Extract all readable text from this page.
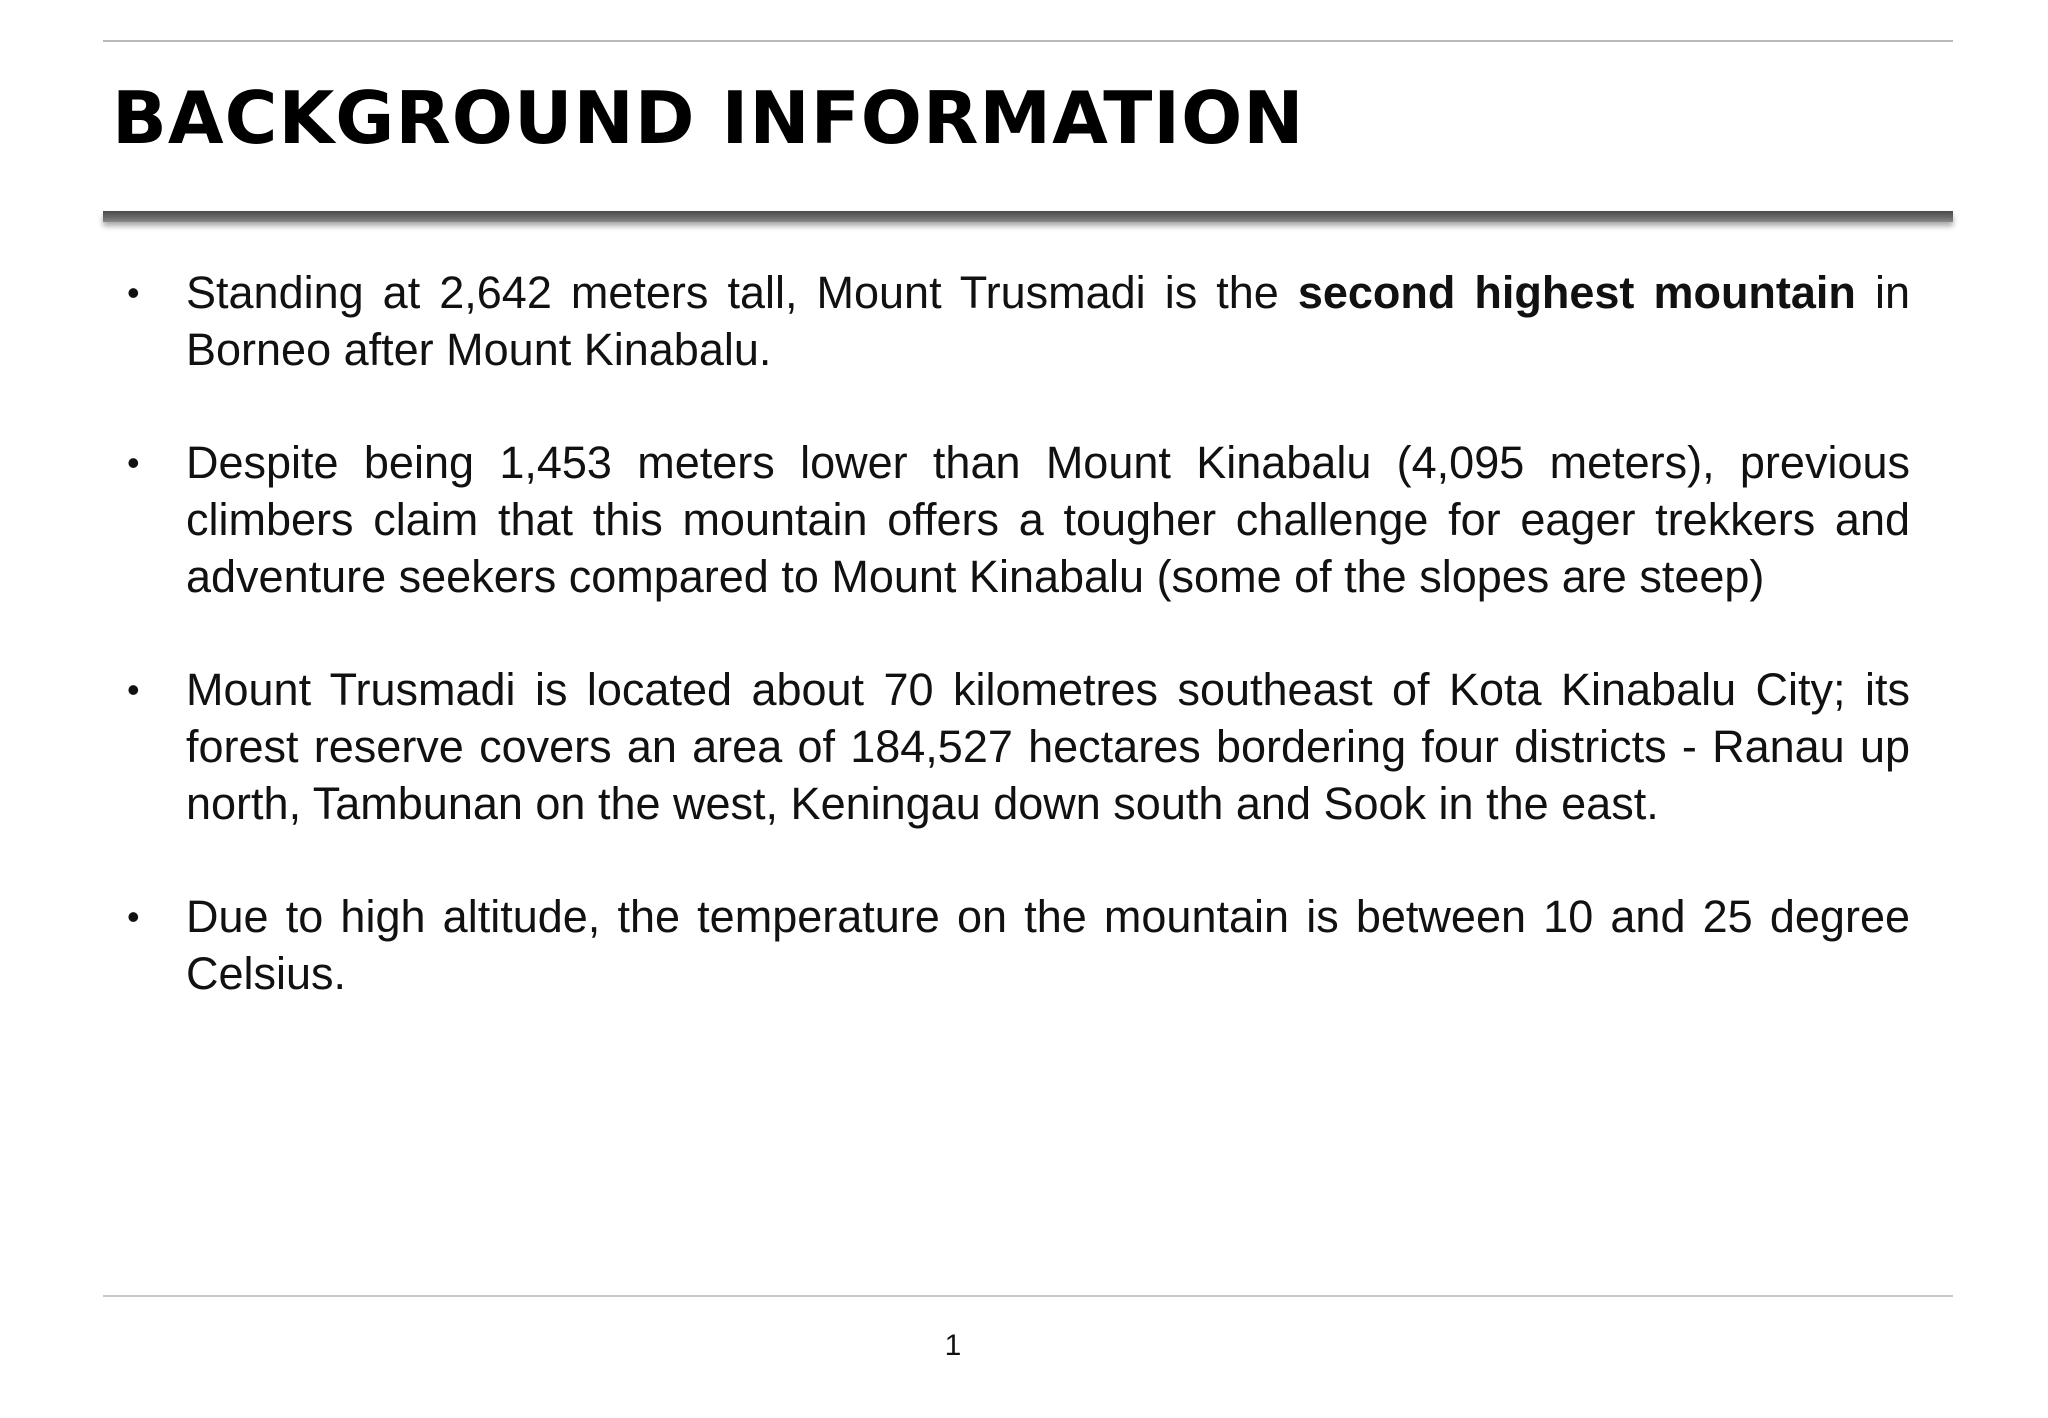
BACKGROUND INFORMATION
• Standing at 2,642 meters tall, Mount Trusmadi is the second highest mountain in Borneo after Mount Kinabalu.
• Despite being 1,453 meters lower than Mount Kinabalu (4,095 meters), previous climbers claim that this mountain offers a tougher challenge for eager trekkers and adventure seekers compared to Mount Kinabalu (some of the slopes are steep)
• Mount Trusmadi is located about 70 kilometres southeast of Kota Kinabalu City; its forest reserve covers an area of 184,527 hectares bordering four districts - Ranau up north, Tambunan on the west, Keningau down south and Sook in the east.
• Due to high altitude, the temperature on the mountain is between 10 and 25 degree Celsius.
1
